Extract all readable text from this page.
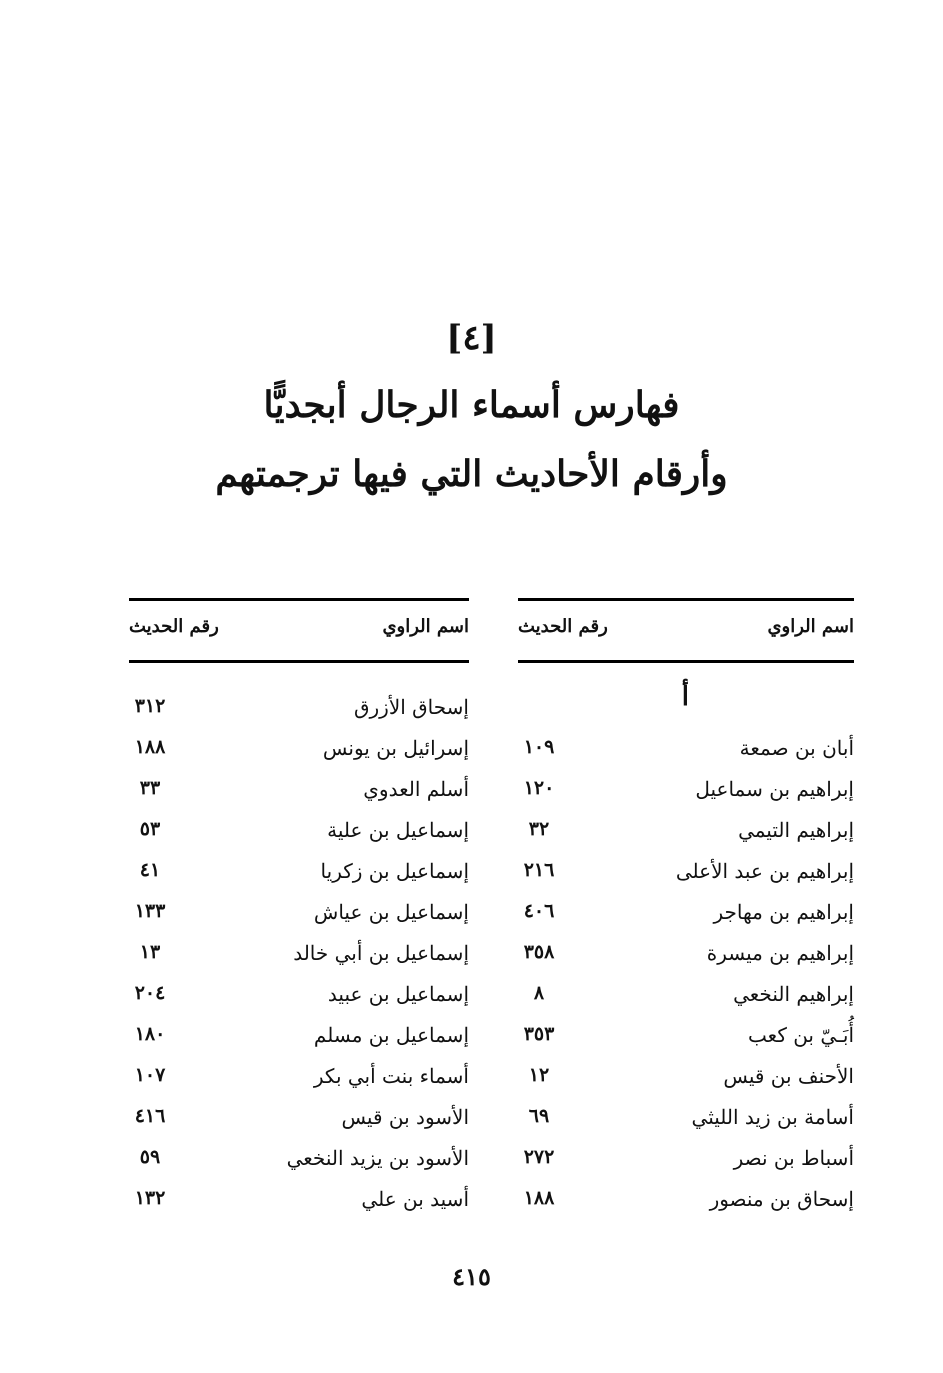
[٤]
فهارس أسماء الرجال أبجديًّا
وأرقام الأحاديث التي فيها ترجمتهم
اسم الراوي
رقم الحديث
أ
أبان بن صمعة
١٠٩
إبراهيم بن سماعيل
١٢٠
إبراهيم التيمي
٣٢
إبراهيم بن عبد الأعلى
٢١٦
إبراهيم بن مهاجر
٤٠٦
إبراهيم بن ميسرة
٣٥٨
إبراهيم النخعي
٨
أُبَـيّ بن كعب
٣٥٣
الأحنف بن قيس
١٢
أسامة بن زيد الليثي
٦٩
أسباط بن نصر
٢٧٢
إسحاق بن منصور
١٨٨
اسم الراوي
رقم الحديث
إسحاق الأزرق
٣١٢
إسرائيل بن يونس
١٨٨
أسلم العدوي
٣٣
إسماعيل بن علية
٥٣
إسماعيل بن زكريا
٤١
إسماعيل بن عياش
١٣٣
إسماعيل بن أبي خالد
١٣
إسماعيل بن عبيد
٢٠٤
إسماعيل بن مسلم
١٨٠
أسماء بنت أبي بكر
١٠٧
الأسود بن قيس
٤١٦
الأسود بن يزيد النخعي
٥٩
أسيد بن علي
١٣٢
٤١٥
